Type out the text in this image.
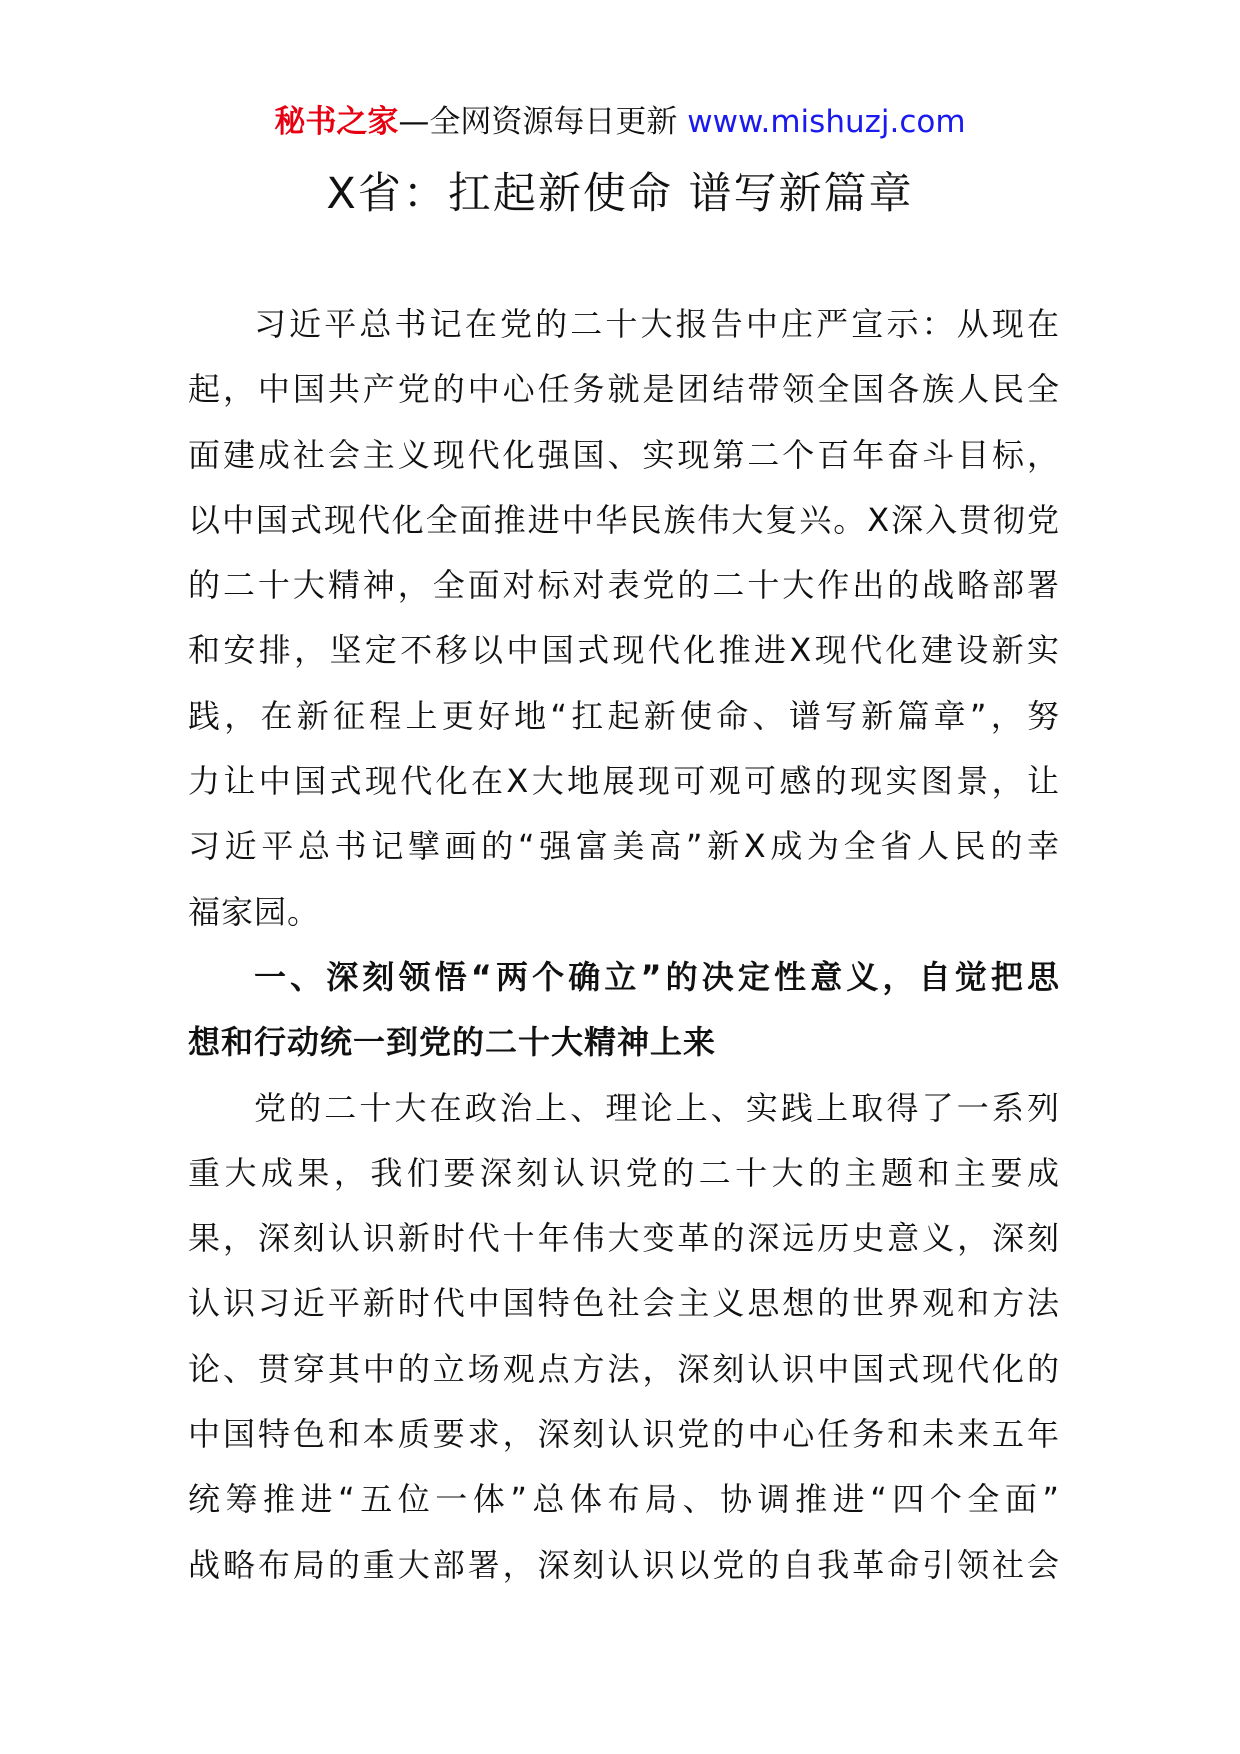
秘书之家—全网资源每日更新 www.mishuzj.com
X省：扛起新使命 谱写新篇章
习近平总书记在党的二十大报告中庄严宣示：从现在
起，中国共产党的中心任务就是团结带领全国各族人民全
面建成社会主义现代化强国、实现第二个百年奋斗目标，
以中国式现代化全面推进中华民族伟大复兴。X深入贯彻党
的二十大精神，全面对标对表党的二十大作出的战略部署
和安排，坚定不移以中国式现代化推进X现代化建设新实
践，在新征程上更好地“扛起新使命、谱写新篇章”，努
力让中国式现代化在X大地展现可观可感的现实图景，让
习近平总书记擘画的“强富美高”新X成为全省人民的幸
福家园。
一、深刻领悟“两个确立”的决定性意义，自觉把思
想和行动统一到党的二十大精神上来
党的二十大在政治上、理论上、实践上取得了一系列
重大成果，我们要深刻认识党的二十大的主题和主要成
果，深刻认识新时代十年伟大变革的深远历史意义，深刻
认识习近平新时代中国特色社会主义思想的世界观和方法
论、贯穿其中的立场观点方法，深刻认识中国式现代化的
中国特色和本质要求，深刻认识党的中心任务和未来五年
统筹推进“五位一体”总体布局、协调推进“四个全面”
战略布局的重大部署，深刻认识以党的自我革命引领社会
